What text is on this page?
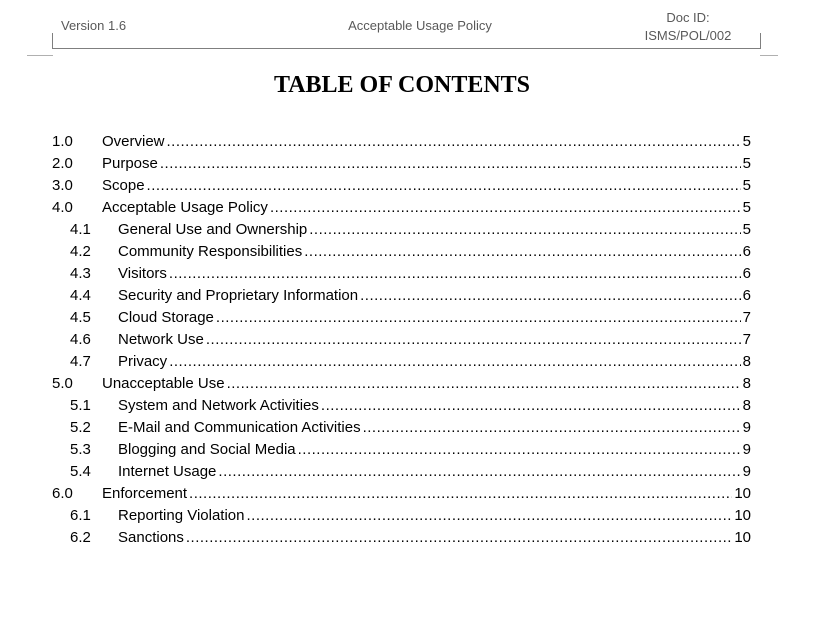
Version 1.6	Acceptable Usage Policy
Doc ID:
ISMS/POL/002
TABLE OF CONTENTS
1.0	Overview .....	5
2.0	Purpose .....	5
3.0	Scope .....	5
4.0	Acceptable Usage Policy .....	5
4.1	General Use and Ownership .....	5
4.2	Community Responsibilities .....	6
4.3	Visitors .....	6
4.4	Security and Proprietary Information .....	6
4.5	Cloud Storage .....	7
4.6	Network Use .....	7
4.7	Privacy .....	8
5.0	Unacceptable Use .....	8
5.1	System and Network Activities .....	8
5.2	E-Mail and Communication Activities .....	9
5.3	Blogging and Social Media .....	9
5.4	Internet Usage .....	9
6.0	Enforcement .....	10
6.1	Reporting Violation .....	10
6.2	Sanctions .....	10
